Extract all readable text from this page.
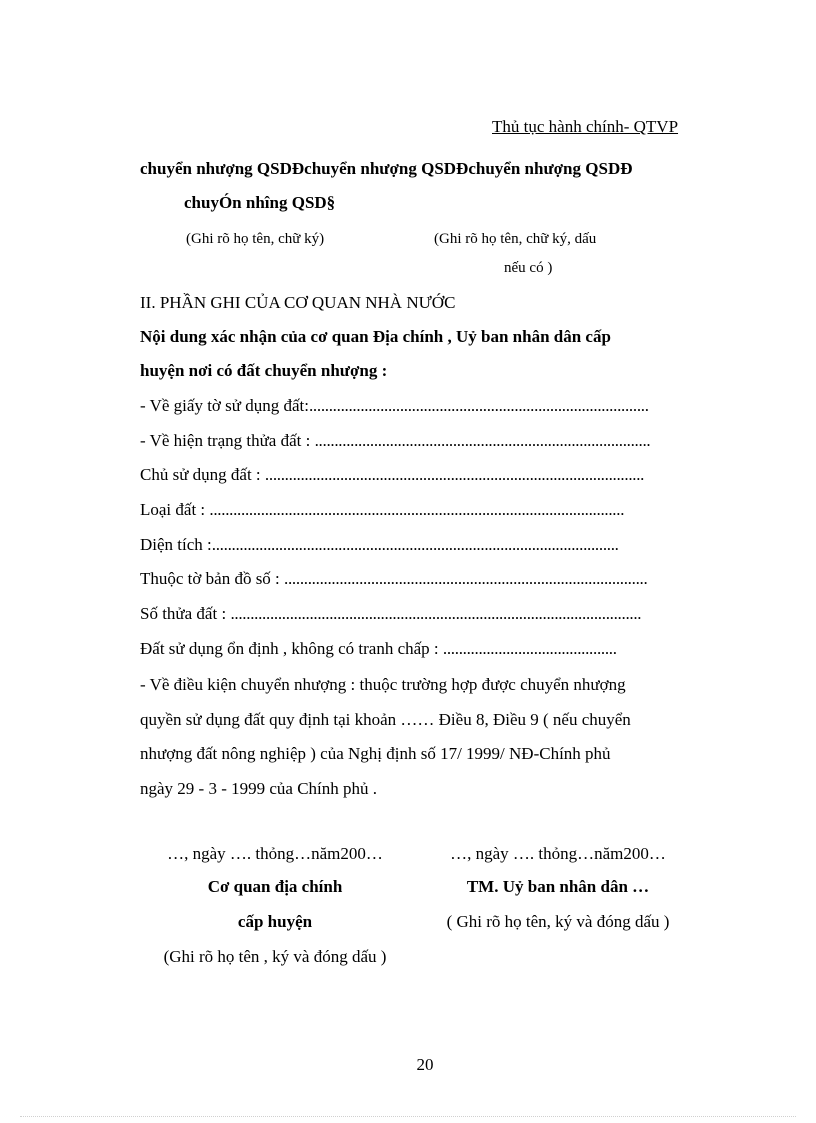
Thủ tục hành chính- QTVP
chuyển nhượng QSDĐchuyển nhượng QSDĐchuyển nhượng QSDĐ
chuyÓn nhîng QSD§
(Ghi rõ họ tên, chữ ký)	(Ghi rõ họ tên, chữ ký, dấu
nếu có )
II. PHẦN GHI CỦA CƠ QUAN NHÀ NƯỚC
Nội dung xác nhận của cơ quan Địa chính , Uỷ ban nhân dân cấp
huyện nơi có đất chuyển nhượng :
- Về giấy tờ sử dụng đất:......................................................................................
- Về hiện trạng thửa đất : .....................................................................................
Chủ sử dụng đất : ................................................................................................
Loại đất : .........................................................................................................
Diện tích :.......................................................................................................
Thuộc tờ bản đồ số : ............................................................................................
Số thửa đất : ........................................................................................................
Đất sử dụng ổn định , không có tranh chấp : ............................................
- Về điều kiện chuyển nhượng : thuộc trường hợp được chuyển nhượng
quyền sử dụng đất quy định tại khoản …… Điều 8, Điều 9 ( nếu chuyển
nhượng đất nông nghiệp ) của Nghị định số 17/ 1999/ NĐ-Chính phủ
ngày 29 - 3 - 1999 của Chính phủ .
…, ngày …. thỏng…năm200…
Cơ quan địa chính
cấp huyện
(Ghi rõ họ tên , ký và đóng dấu )
…, ngày …. thỏng…năm200…
TM. Uỷ ban nhân dân …
( Ghi rõ họ tên, ký và đóng dấu )
20
